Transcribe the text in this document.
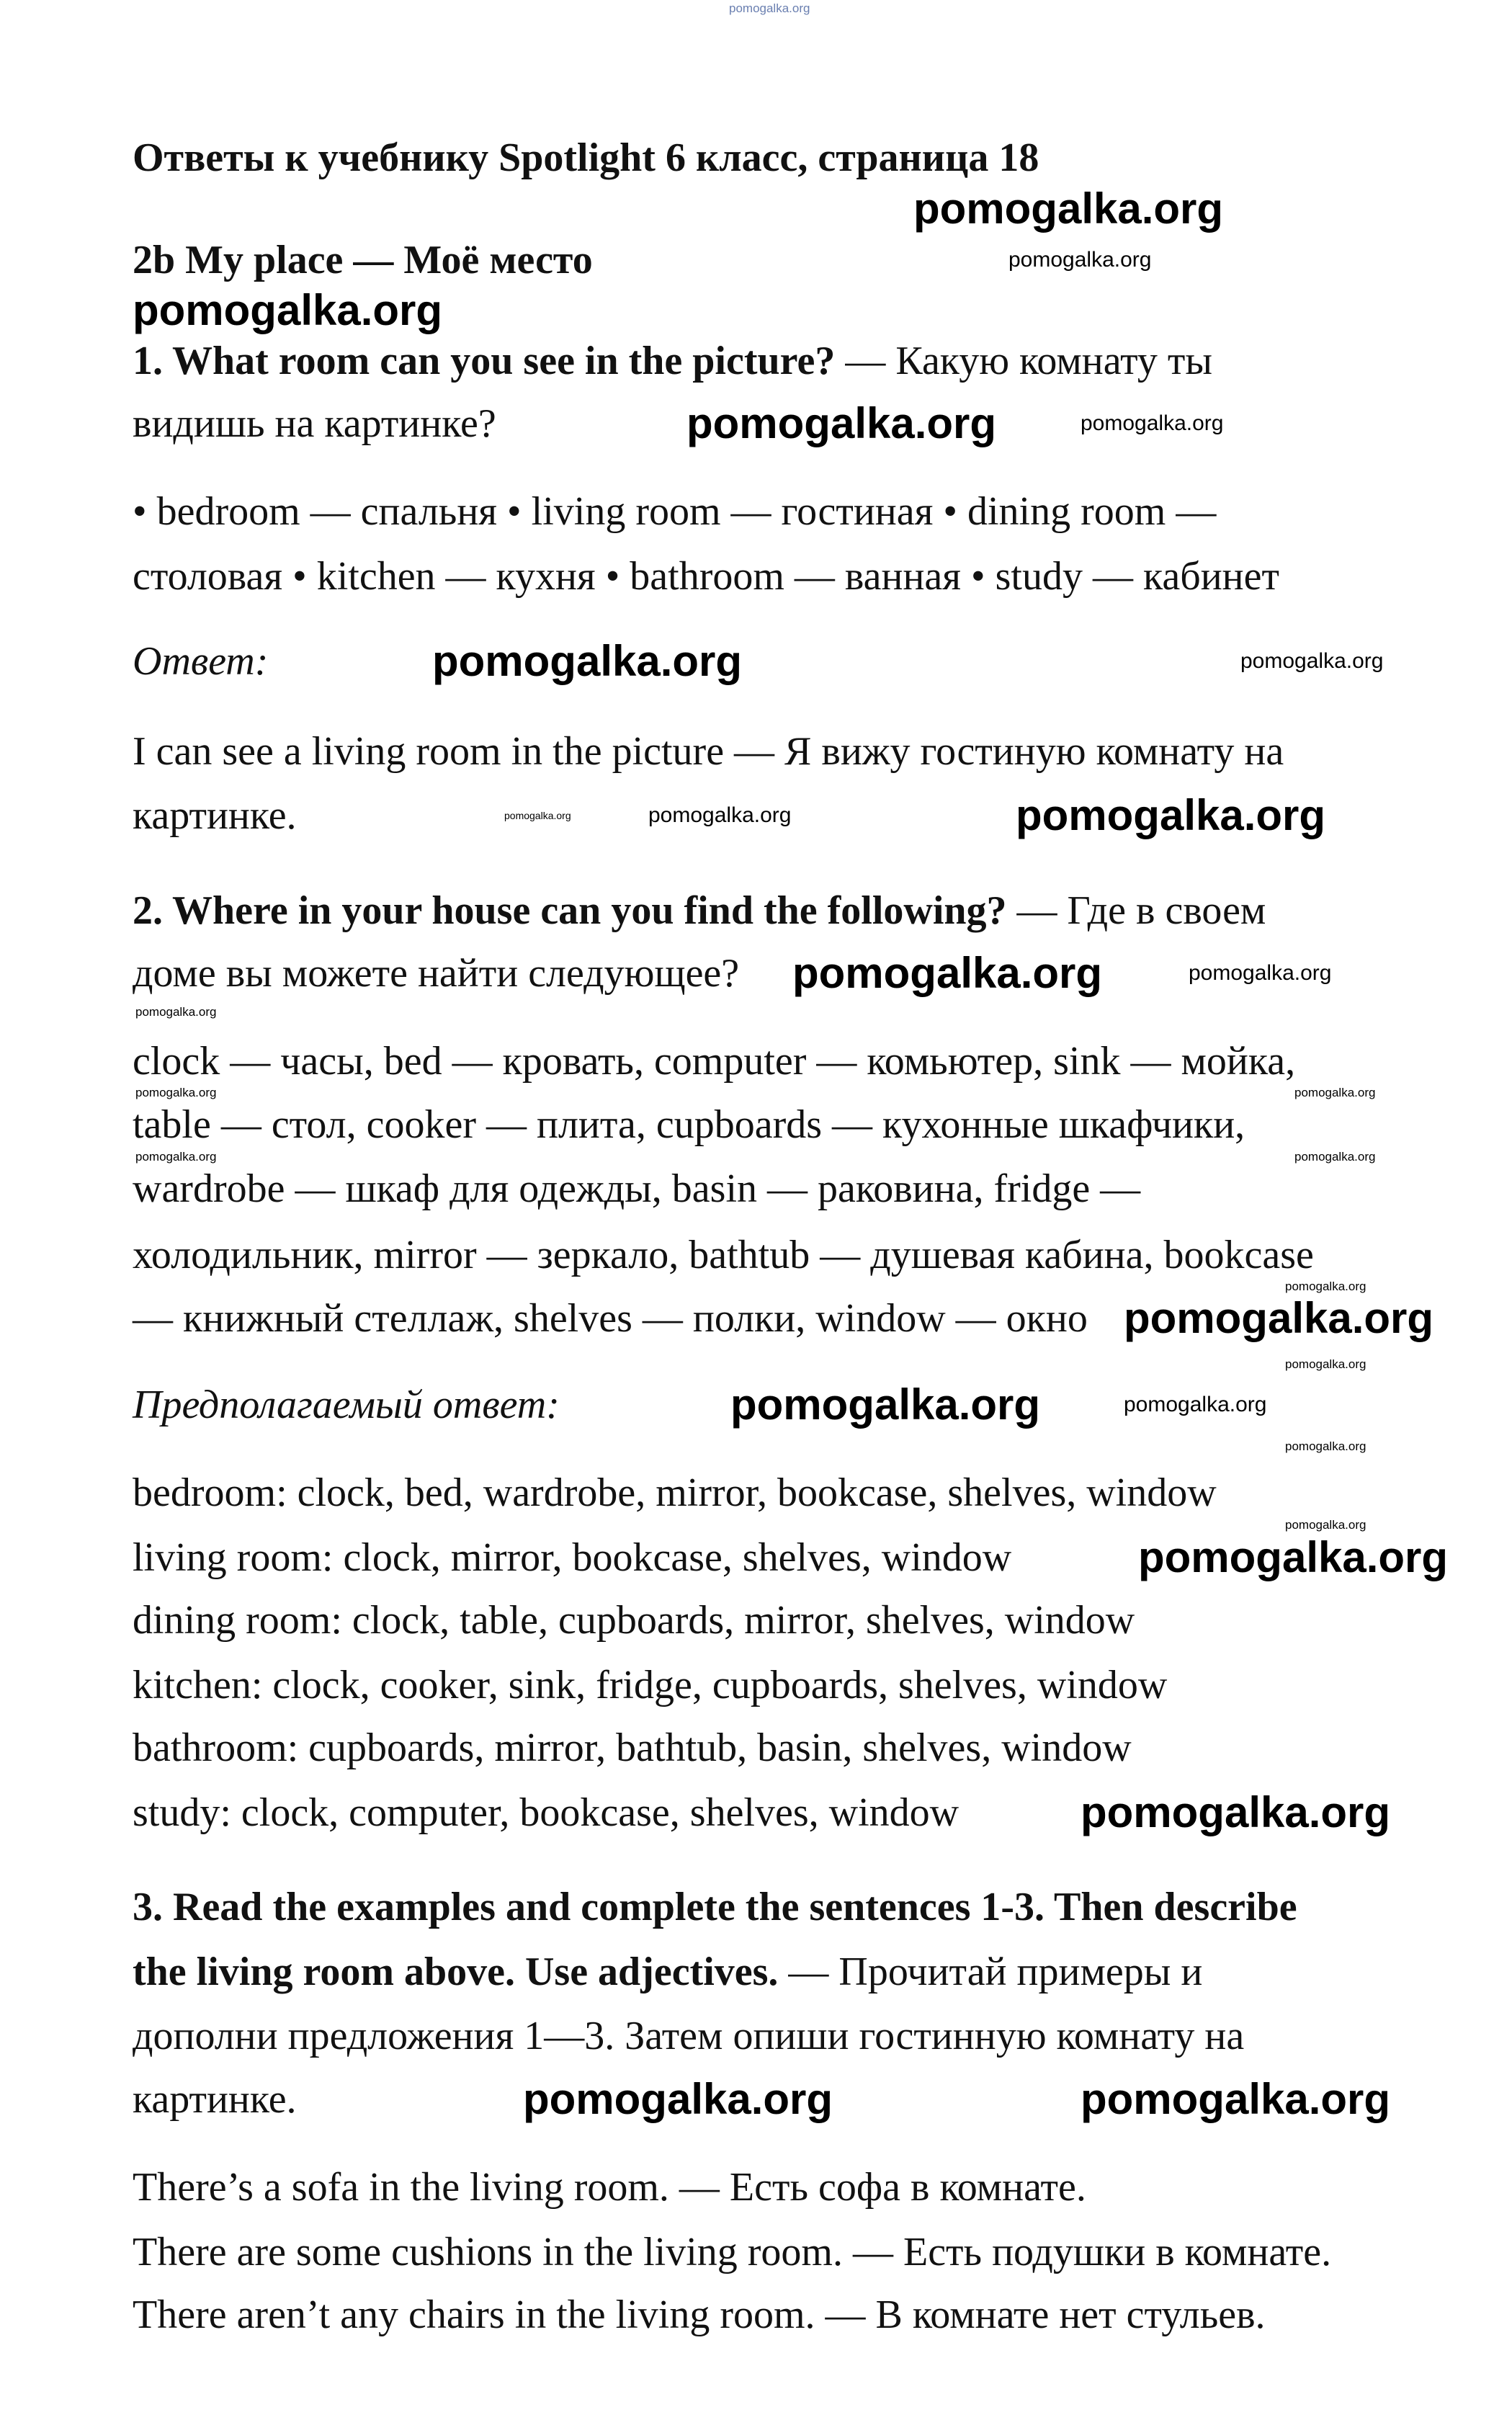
Ответы к учебнику Spotlight 6 класс, страница 18
2b My place — Моё место
1. What room can you see in the picture? — Какую комнату ты
видишь на картинке?
• bedroom — спальня • living room — гостиная • dining room —
столовая • kitchen — кухня • bathroom — ванная • study — кабинет
Ответ:
I can see a living room in the picture — Я вижу гостиную комнату на
картинке.
2. Where in your house can you find the following? — Где в своем
доме вы можете найти следующее?
clock — часы, bed — кровать, computer — комьютер, sink — мойка,
table — стол, cooker — плита, cupboards — кухонные шкафчики,
wardrobe — шкаф для одежды, basin — раковина, fridge —
холодильник, mirror — зеркало, bathtub — душевая кабина, bookcase
— книжный стеллаж, shelves — полки, window — окно
Предполагаемый ответ:
bedroom: clock, bed, wardrobe, mirror, bookcase, shelves, window
living room: clock, mirror, bookcase, shelves, window
dining room: clock, table, cupboards, mirror, shelves, window
kitchen: clock, cooker, sink, fridge, cupboards, shelves, window
bathroom: cupboards, mirror, bathtub, basin, shelves, window
study: clock, computer, bookcase, shelves, window
3. Read the examples and complete the sentences 1-3. Then describe
the living room above. Use adjectives. — Прочитай примеры и
дополни предложения 1—3. Затем опиши гостинную комнату на
картинке.
There’s a sofa in the living room. — Есть софа в комнате.
There are some cushions in the living room. — Есть подушки в комнате.
There aren’t any chairs in the living room. — В комнате нет стульев.
pomogalka.org
pomogalka.org
pomogalka.org
pomogalka.org
pomogalka.org	pomogalka.org
pomogalka.org	pomogalka.org
pomogalka.org	pomogalka.org	pomogalka.org
pomogalka.org	pomogalka.org
pomogalka.org
pomogalka.org	pomogalka.org
pomogalka.org	pomogalka.org
pomogalka.org
pomogalka.org
pomogalka.org
pomogalka.org	pomogalka.org
pomogalka.org
pomogalka.org
pomogalka.org
pomogalka.org
pomogalka.org	pomogalka.org
